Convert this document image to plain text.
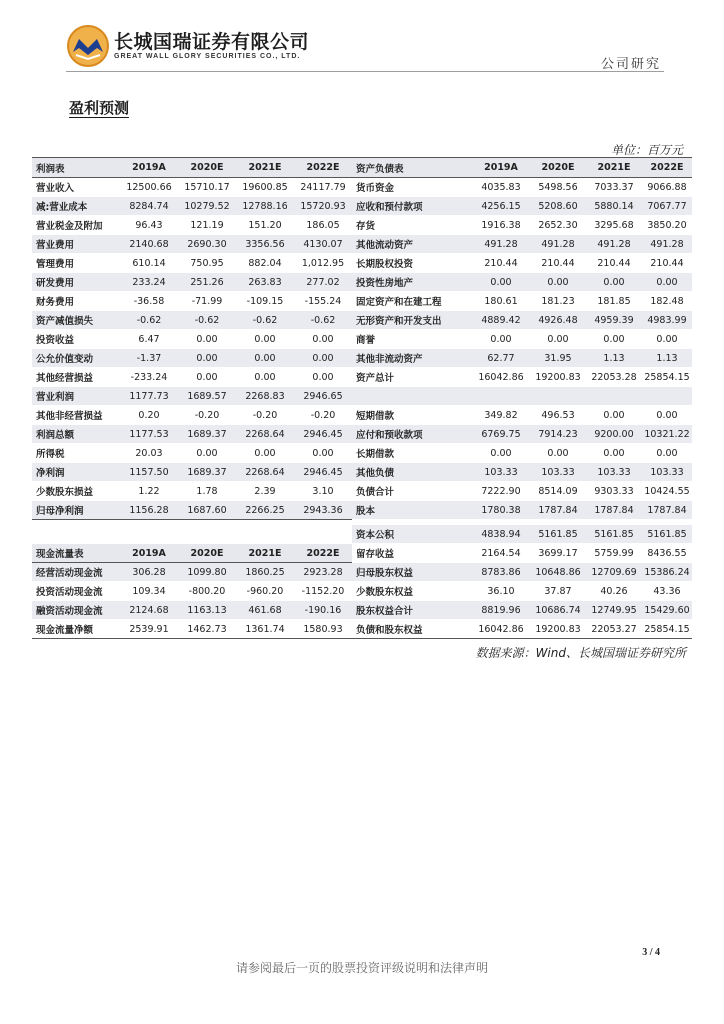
长城国瑞证券有限公司
GREAT WALL GLORY SECURITIES CO., LTD.
公司研究
盈利预测
单位：百万元
利润表	2019A	2020E	2021E	2022E	资产负债表	2019A	2020E	2021E	2022E
营业收入	12500.66	15710.17	19600.85	24117.79	货币资金	4035.83	5498.56	7033.37	9066.88
减:营业成本	8284.74	10279.52	12788.16	15720.93	应收和预付款项	4256.15	5208.60	5880.14	7067.77
营业税金及附加	96.43	121.19	151.20	186.05	存货	1916.38	2652.30	3295.68	3850.20
营业费用	2140.68	2690.30	3356.56	4130.07	其他流动资产	491.28	491.28	491.28	491.28
管理费用	610.14	750.95	882.04	1,012.95	长期股权投资	210.44	210.44	210.44	210.44
研发费用	233.24	251.26	263.83	277.02	投资性房地产	0.00	0.00	0.00	0.00
财务费用	-36.58	-71.99	-109.15	-155.24	固定资产和在建工程	180.61	181.23	181.85	182.48
资产减值损失	-0.62	-0.62	-0.62	-0.62	无形资产和开发支出	4889.42	4926.48	4959.39	4983.99
投资收益	6.47	0.00	0.00	0.00	商誉	0.00	0.00	0.00	0.00
公允价值变动	-1.37	0.00	0.00	0.00	其他非流动资产	62.77	31.95	1.13	1.13
其他经营损益	-233.24	0.00	0.00	0.00	资产总计	16042.86	19200.83	22053.28	25854.15
营业利润	1177.73	1689.57	2268.83	2946.65					
其他非经营损益	0.20	-0.20	-0.20	-0.20	短期借款	349.82	496.53	0.00	0.00
利润总额	1177.53	1689.37	2268.64	2946.45	应付和预收款项	6769.75	7914.23	9200.00	10321.22
所得税	20.03	0.00	0.00	0.00	长期借款	0.00	0.00	0.00	0.00
净利润	1157.50	1689.37	2268.64	2946.45	其他负债	103.33	103.33	103.33	103.33
少数股东损益	1.22	1.78	2.39	3.10	负债合计	7222.90	8514.09	9303.33	10424.55
归母净利润	1156.28	1687.60	2266.25	2943.36	股本	1780.38	1787.84	1787.84	1787.84
					资本公积	4838.94	5161.85	5161.85	5161.85
现金流量表	2019A	2020E	2021E	2022E	留存收益	2164.54	3699.17	5759.99	8436.55
经营活动现金流	306.28	1099.80	1860.25	2923.28	归母股东权益	8783.86	10648.86	12709.69	15386.24
投资活动现金流	109.34	-800.20	-960.20	-1152.20	少数股东权益	36.10	37.87	40.26	43.36
融资活动现金流	2124.68	1163.13	461.68	-190.16	股东权益合计	8819.96	10686.74	12749.95	15429.60
现金流量净额	2539.91	1462.73	1361.74	1580.93	负债和股东权益	16042.86	19200.83	22053.27	25854.15
数据来源：Wind、长城国瑞证券研究所
3 / 4
请参阅最后一页的股票投资评级说明和法律声明
